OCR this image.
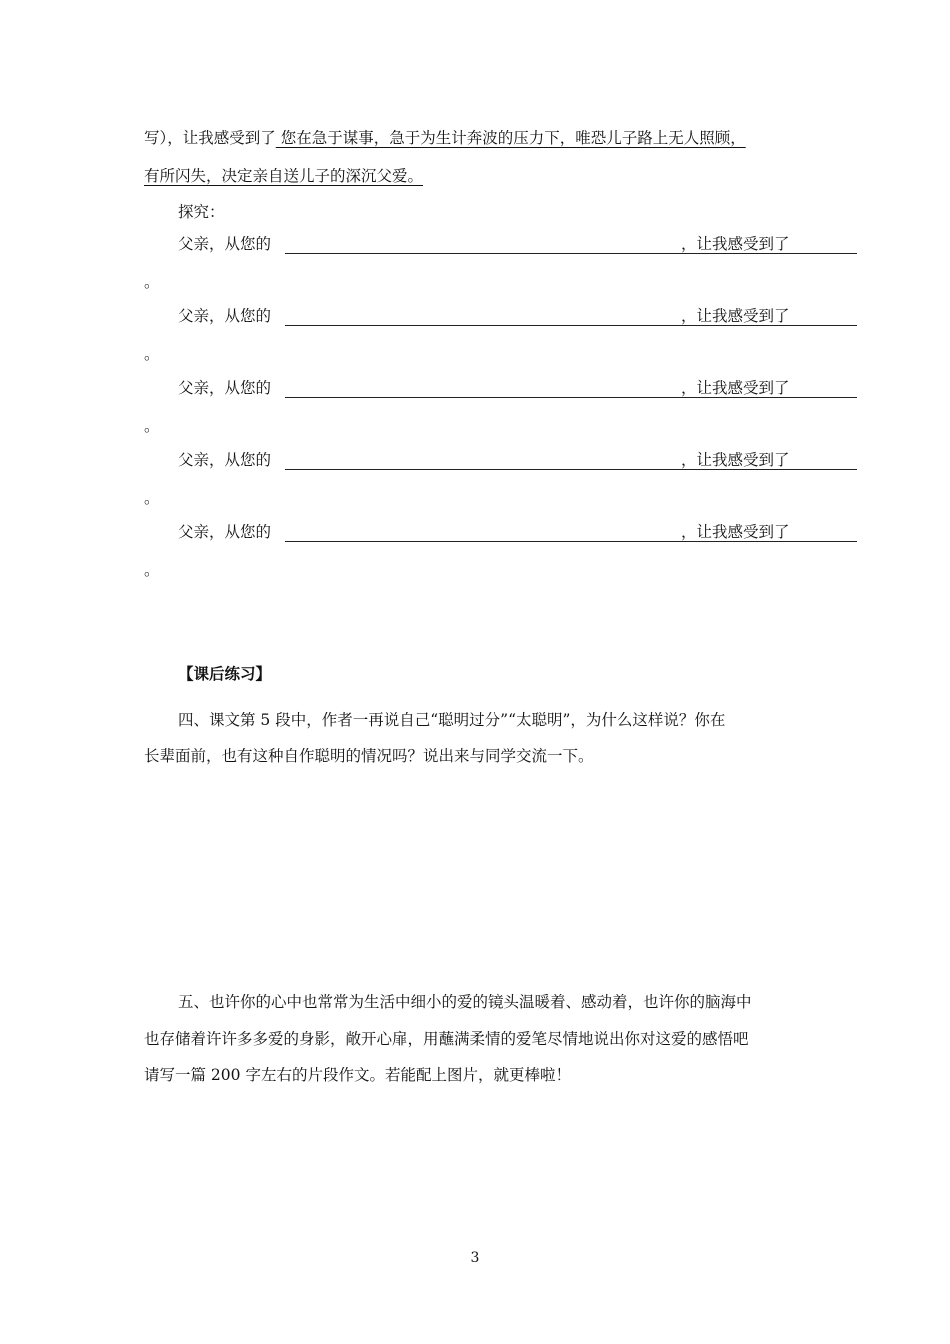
写），让我感受到了 您在急于谋事，急于为生计奔波的压力下，唯恐儿子路上无人照顾，
有所闪失，决定亲自送儿子的深沉父爱。
探究：
父亲，从您的	，让我感受到了
。
父亲，从您的	，让我感受到了
。
父亲，从您的	，让我感受到了
。
父亲，从您的	，让我感受到了
。
父亲，从您的	，让我感受到了
。
【课后练习】
四、课文第 5 段中，作者一再说自己“聪明过分”“太聪明”，为什么这样说？你在
长辈面前，也有这种自作聪明的情况吗？说出来与同学交流一下。
五、也许你的心中也常常为生活中细小的爱的镜头温暖着、感动着，也许你的脑海中
也存储着许许多多爱的身影，敞开心扉，用蘸满柔情的爱笔尽情地说出你对这爱的感悟吧
请写一篇 200 字左右的片段作文。若能配上图片，就更棒啦！
3
